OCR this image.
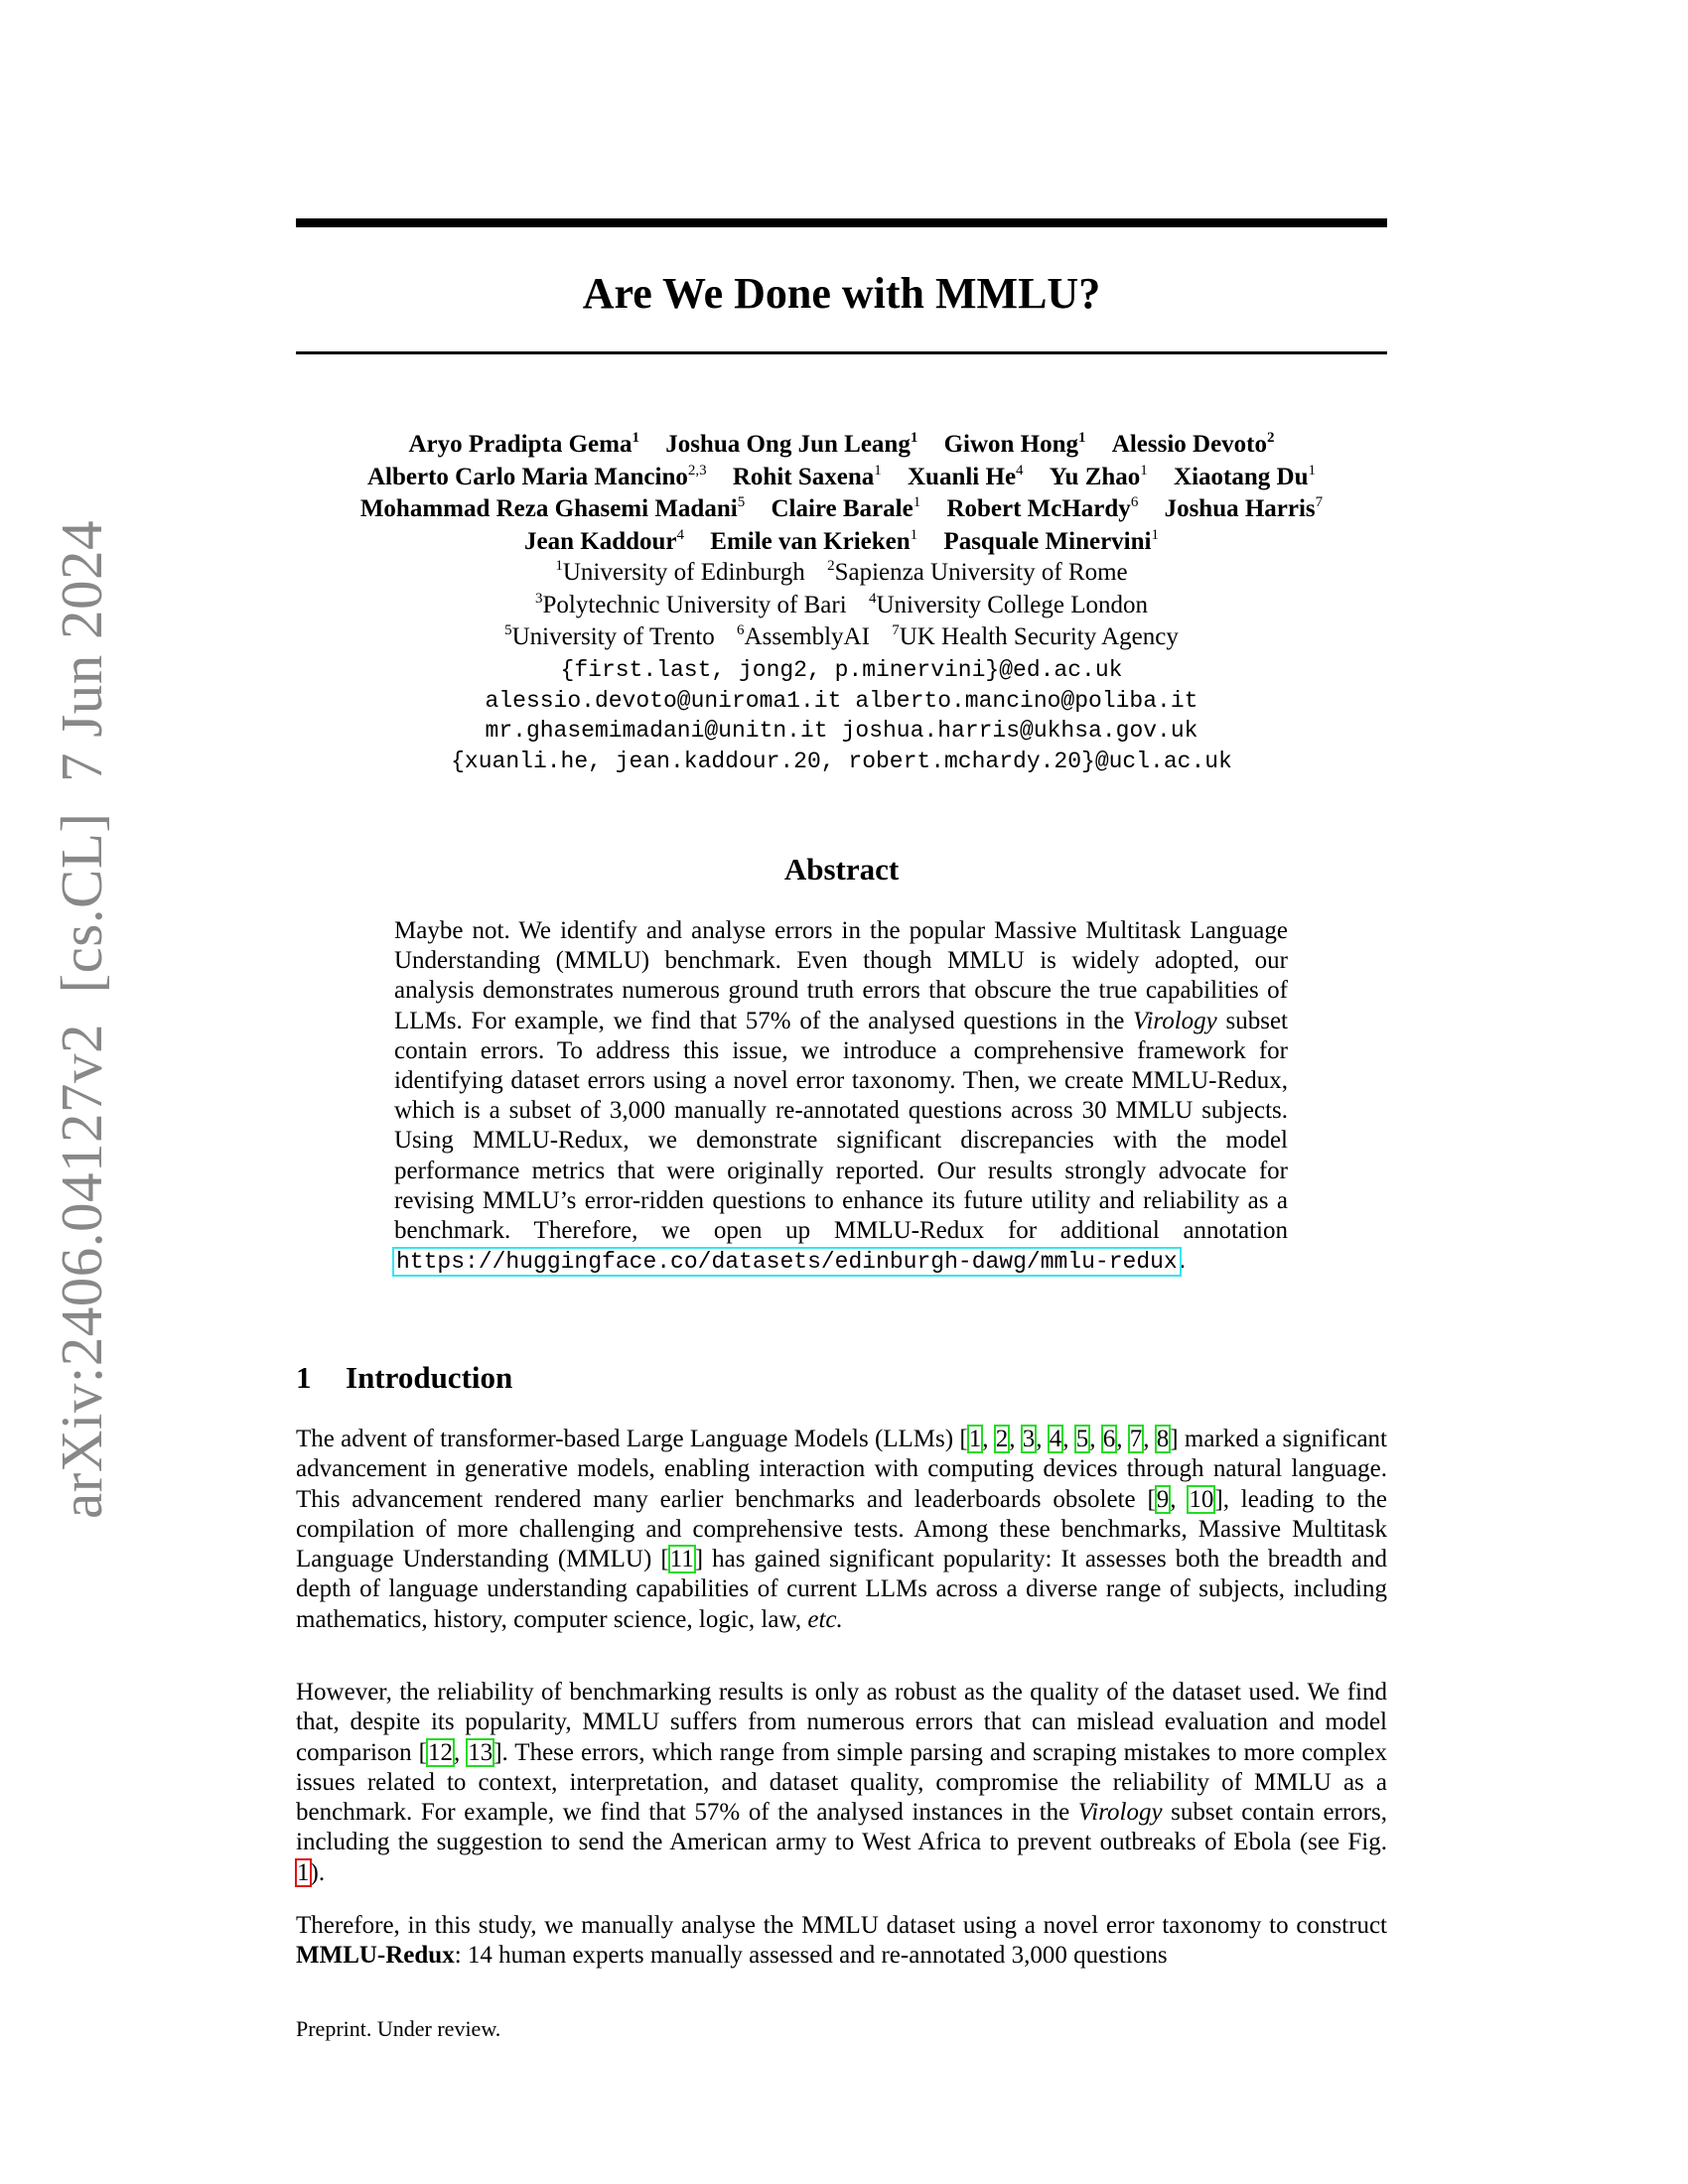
arXiv:2406.04127v2  [cs.CL]  7 Jun 2024
Are We Done with MMLU?
Aryo Pradipta Gema$^1$ Joshua Ong Jun Leang$^1$ Giwon Hong$^1$ Alessio Devoto$^2$
Alberto Carlo Maria Mancino$^{2,3}$ Rohit Saxena$^1$ Xuanli He$^4$ Yu Zhao$^1$ Xiaotang Du$^1$
Mohammad Reza Ghasemi Madani$^5$ Claire Barale$^1$ Robert McHardy$^6$ Joshua Harris$^7$
Jean Kaddour$^4$ Emile van Krieken$^1$ Pasquale Minervini$^1$
$^1$University of Edinburgh $^2$Sapienza University of Rome
$^3$Polytechnic University of Bari $^4$University College London
$^5$University of Trento $^6$AssemblyAI $^7$UK Health Security Agency
{first.last, jong2, p.minervini}@ed.ac.uk
alessio.devoto@uniroma1.it alberto.mancino@poliba.it
mr.ghasemimadani@unitn.it joshua.harris@ukhsa.gov.uk
{xuanli.he, jean.kaddour.20, robert.mchardy.20}@ucl.ac.uk
Abstract
Maybe not. We identify and analyse errors in the popular Massive Multitask Language Understanding (MMLU) benchmark. Even though MMLU is widely adopted, our analysis demonstrates numerous ground truth errors that obscure the true capabilities of LLMs. For example, we find that 57% of the analysed questions in the Virology subset contain errors. To address this issue, we introduce a comprehensive framework for identifying dataset errors using a novel error taxonomy. Then, we create MMLU-Redux, which is a subset of 3,000 manually re-annotated questions across 30 MMLU subjects. Using MMLU-Redux, we demonstrate significant discrepancies with the model performance metrics that were originally reported. Our results strongly advocate for revising MMLU’s error-ridden questions to enhance its future utility and reliability as a benchmark. Therefore, we open up MMLU-Redux for additional annotation https://huggingface.co/datasets/edinburgh-dawg/mmlu-redux.
1 Introduction

The advent of transformer-based Large Language Models (LLMs) [1, 2, 3, 4, 5, 6, 7, 8] marked a significant advancement in generative models, enabling interaction with computing devices through natural language. This advancement rendered many earlier benchmarks and leaderboards obsolete [9, 10], leading to the compilation of more challenging and comprehensive tests. Among these benchmarks, Massive Multitask Language Understanding (MMLU) [11] has gained significant popularity: It assesses both the breadth and depth of language understanding capabilities of current LLMs across a diverse range of subjects, including mathematics, history, computer science, logic, law, etc.

However, the reliability of benchmarking results is only as robust as the quality of the dataset used. We find that, despite its popularity, MMLU suffers from numerous errors that can mislead evaluation and model comparison [12, 13]. These errors, which range from simple parsing and scraping mistakes to more complex issues related to context, interpretation, and dataset quality, compromise the reliability of MMLU as a benchmark. For example, we find that 57% of the analysed instances in the Virology subset contain errors, including the suggestion to send the American army to West Africa to prevent outbreaks of Ebola (see Fig. 1).

Therefore, in this study, we manually analyse the MMLU dataset using a novel error taxonomy to construct MMLU-Redux: 14 human experts manually assessed and re-annotated 3,000 questions

Preprint. Under review.
